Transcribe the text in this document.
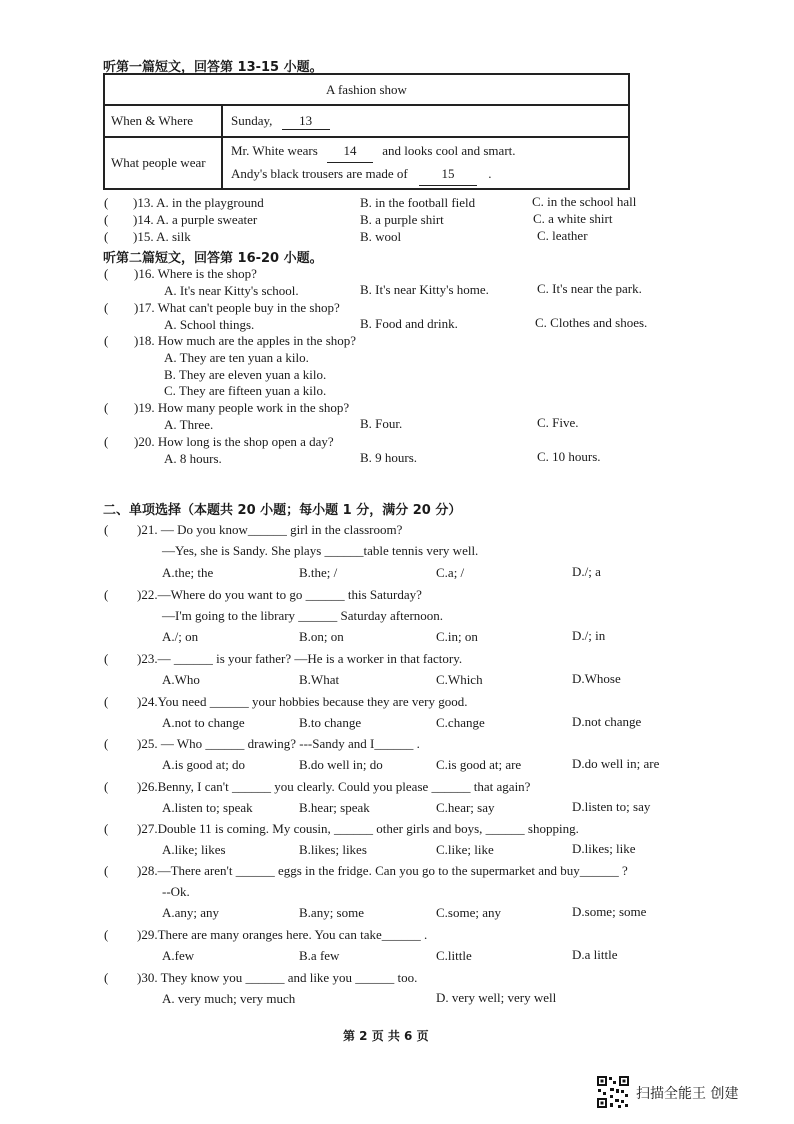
听第一篇短文，回答第 13-15 小题。
A fashion show	
When & Where	Sunday, 13
What people wear	Mr. White wears 14 and looks cool and smart.
Andy's black trousers are made of 15 .
( )13. A. in the playground	B. in the football field	C. in the school hall
( )14. A. a purple sweater	B. a purple shirt	C. a white shirt
( )15. A. silk	B. wool	C. leather
听第二篇短文，回答第 16-20 小题。
( )16. Where is the shop?
A. It's near Kitty's school.	B. It's near Kitty's home.	C. It's near the park.
( )17. What can't people buy in the shop?
A. School things.	B. Food and drink.	C. Clothes and shoes.
( )18. How much are the apples in the shop?
A. They are ten yuan a kilo.
B. They are eleven yuan a kilo.
C. They are fifteen yuan a kilo.
( )19. How many people work in the shop?
A. Three.	B. Four.	C. Five.
( )20. How long is the shop open a day?
A. 8 hours.	B. 9 hours.	C. 10 hours.
二、单项选择（本题共 20 小题；每小题 1 分，满分 20 分）
( )21. — Do you know______ girl in the classroom?
—Yes, she is Sandy. She plays ______table tennis very well.
A.the; the	B.the; /	C.a; /	D./; a
( )22.—Where do you want to go ______ this Saturday?
—I'm going to the library ______ Saturday afternoon.
A./; on	B.on; on	C.in; on	D./; in
( )23.— ______ is your father? —He is a worker in that factory.
A.Who	B.What	C.Which	D.Whose
( )24.You need ______ your hobbies because they are very good.
A.not to change	B.to change	C.change	D.not change
( )25. — Who ______ drawing? ---Sandy and I______ .
A.is good at; do	B.do well in; do	C.is good at; are	D.do well in; are
( )26.Benny, I can't ______ you clearly. Could you please ______ that again?
A.listen to; speak	B.hear; speak	C.hear; say	D.listen to; say
( )27.Double 11 is coming. My cousin, ______ other girls and boys, ______ shopping.
A.like; likes	B.likes; likes	C.like; like	D.likes; like
( )28.—There aren't ______ eggs in the fridge. Can you go to the supermarket and buy______ ?
--Ok.
A.any; any	B.any; some	C.some; any	D.some; some
( )29.There are many oranges here. You can take______ .
A.few	B.a few	C.little	D.a little
( )30. They know you ______ and like you ______ too.
A. very much; very much	D. very well; very well
第 2 页 共 6 页
扫描全能王 创建
